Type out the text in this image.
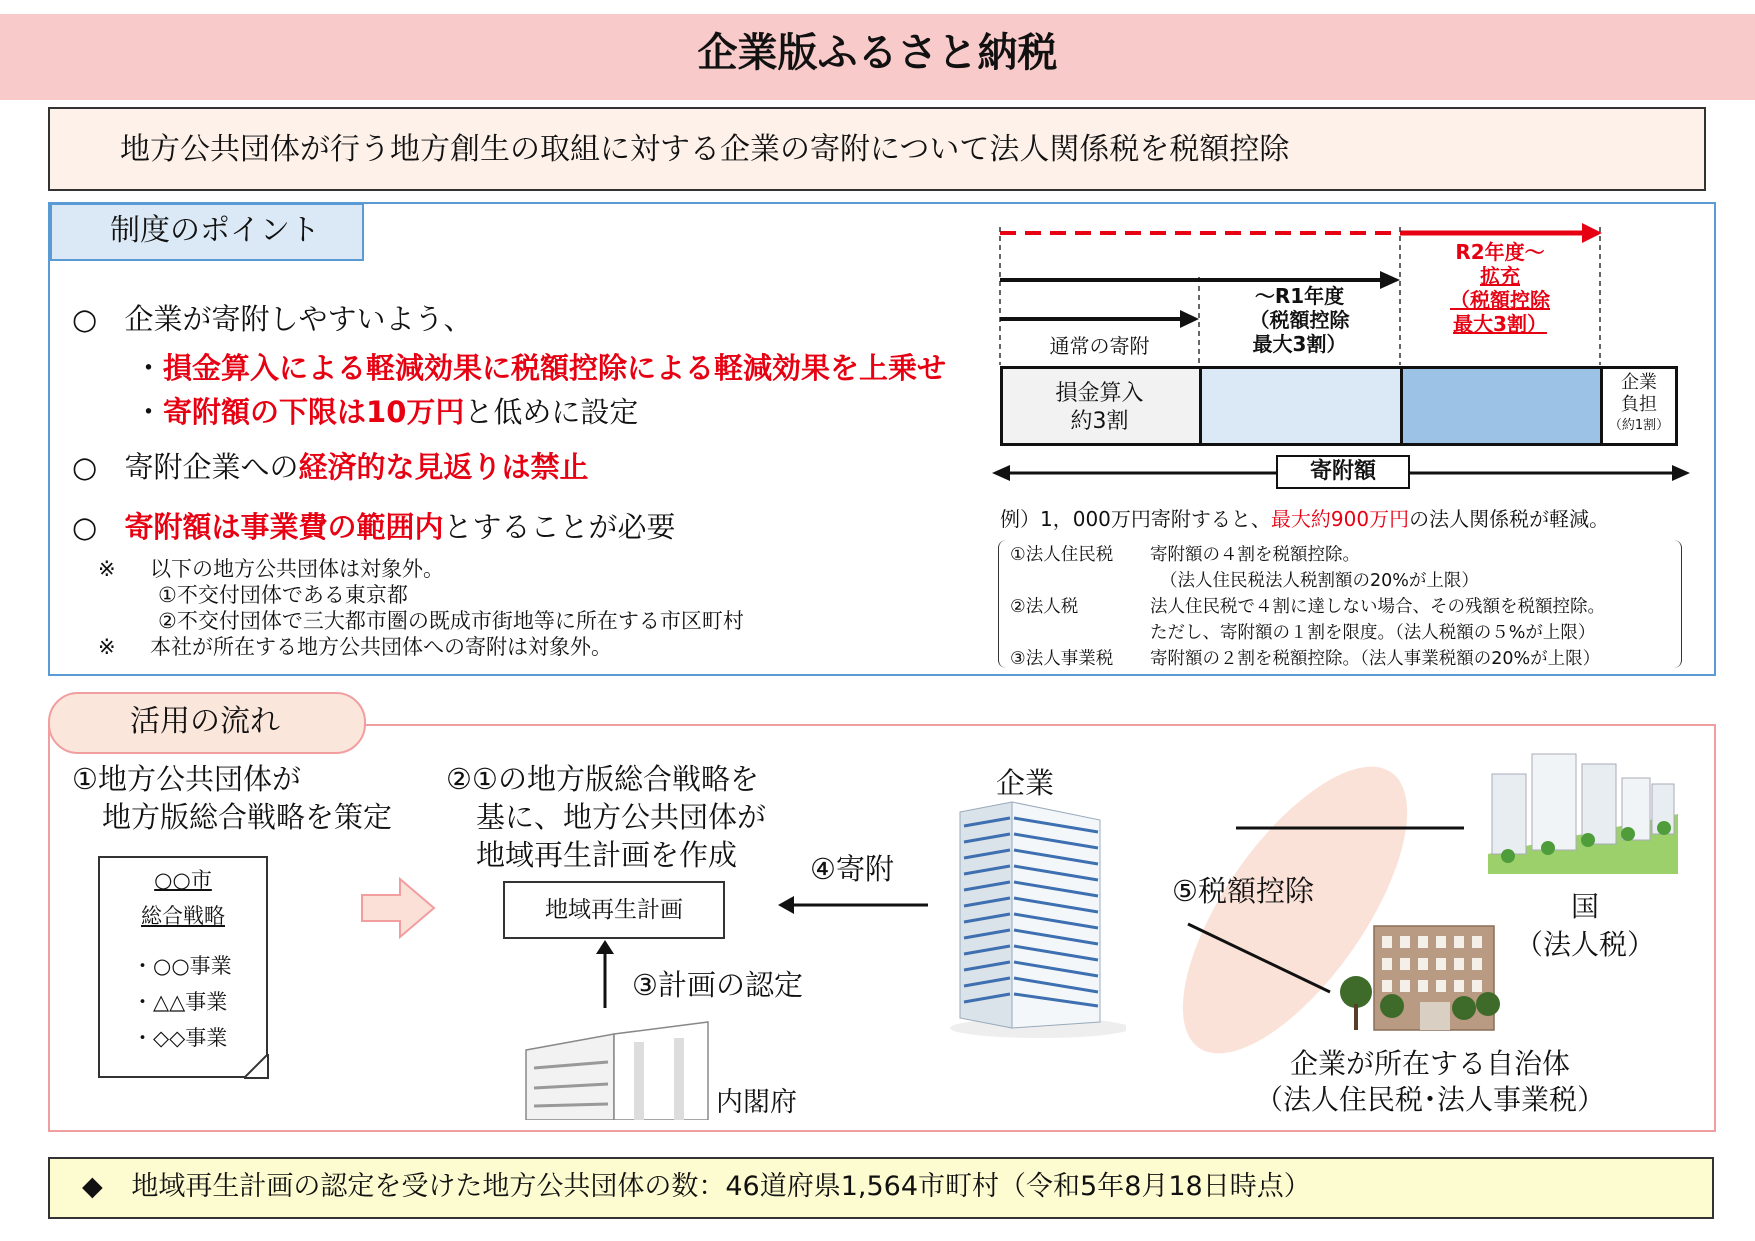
企業版ふるさと納税
地方公共団体が行う地方創生の取組に対する企業の寄附について法人関係税を税額控除
制度のポイント
○ 企業が寄附しやすいよう、
・損金算入による軽減効果に税額控除による軽減効果を上乗せ
・寄附額の下限は10万円と低めに設定
○ 寄附企業への経済的な見返りは禁止
○ 寄附額は事業費の範囲内とすることが必要
※ 以下の地方公共団体は対象外。
①不交付団体である東京都
②不交付団体で三大都市圏の既成市街地等に所在する市区町村
※ 本社が所在する地方公共団体への寄附は対象外。
損金算入
約3割
企業
負担
（約1割）
通常の寄附
～R1年度
（税額控除
最大3割）
R2年度～
拡充
（税額控除
最大3割）
寄附額
例）1，000万円寄附すると、最大約900万円の法人関係税が軽減。
①法人住民税 寄附額の４割を税額控除。
（法人住民税法人税割額の20%が上限）
②法人税	法人住民税で４割に達しない場合、その残額を税額控除。
ただし、寄附額の１割を限度。（法人税額の５%が上限）
③法人事業税 寄附額の２割を税額控除。（法人事業税額の20%が上限）
活用の流れ
①地方公共団体が
地方版総合戦略を策定
○○市
総合戦略
・○○事業
・△△事業
・◇◇事業
②①の地方版総合戦略を
基に、地方公共団体が
地域再生計画を作成
地域再生計画
③計画の認定
④寄附
内閣府
企業
⑤税額控除	国
（法人税）
企業が所在する自治体
（法人住民税･法人事業税）
◆ 地域再生計画の認定を受けた地方公共団体の数：46道府県1,564市町村（令和5年8月18日時点）
